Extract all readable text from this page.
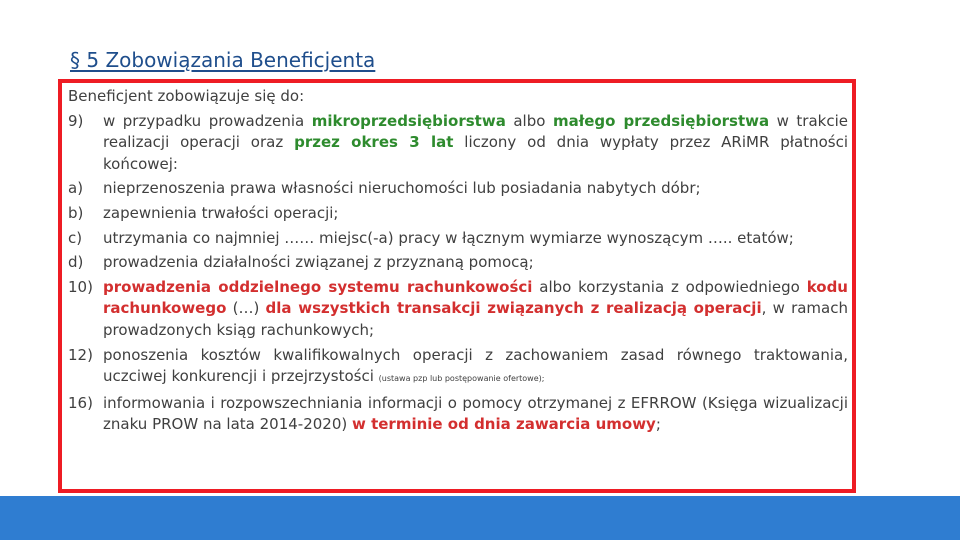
§ 5 Zobowiązania Beneficjenta

Beneficjent zobowiązuje się do:

9)	w przypadku prowadzenia mikroprzedsiębiorstwa albo małego przedsiębiorstwa w trakcie realizacji operacji oraz przez okres 3 lat liczony od dnia wypłaty przez ARiMR płatności końcowej:
a)	nieprzenoszenia prawa własności nieruchomości lub posiadania nabytych dóbr;
b)	zapewnienia trwałości operacji;
c)	utrzymania co najmniej …… miejsc(-a) pracy w łącznym wymiarze wynoszącym ….. etatów;
d)	prowadzenia działalności związanej z przyznaną pomocą;
10) prowadzenia oddzielnego systemu rachunkowości albo korzystania z odpowiedniego kodu rachunkowego (…) dla wszystkich transakcji związanych z realizacją operacji, w ramach prowadzonych ksiąg rachunkowych;
12) ponoszenia kosztów kwalifikowalnych operacji z zachowaniem zasad równego traktowania, uczciwej konkurencji i przejrzystości (ustawa pzp lub postępowanie ofertowe);
16) informowania i rozpowszechniania informacji o pomocy otrzymanej z EFRROW (Księga wizualizacji znaku PROW na lata 2014-2020) w terminie od dnia zawarcia umowy;
